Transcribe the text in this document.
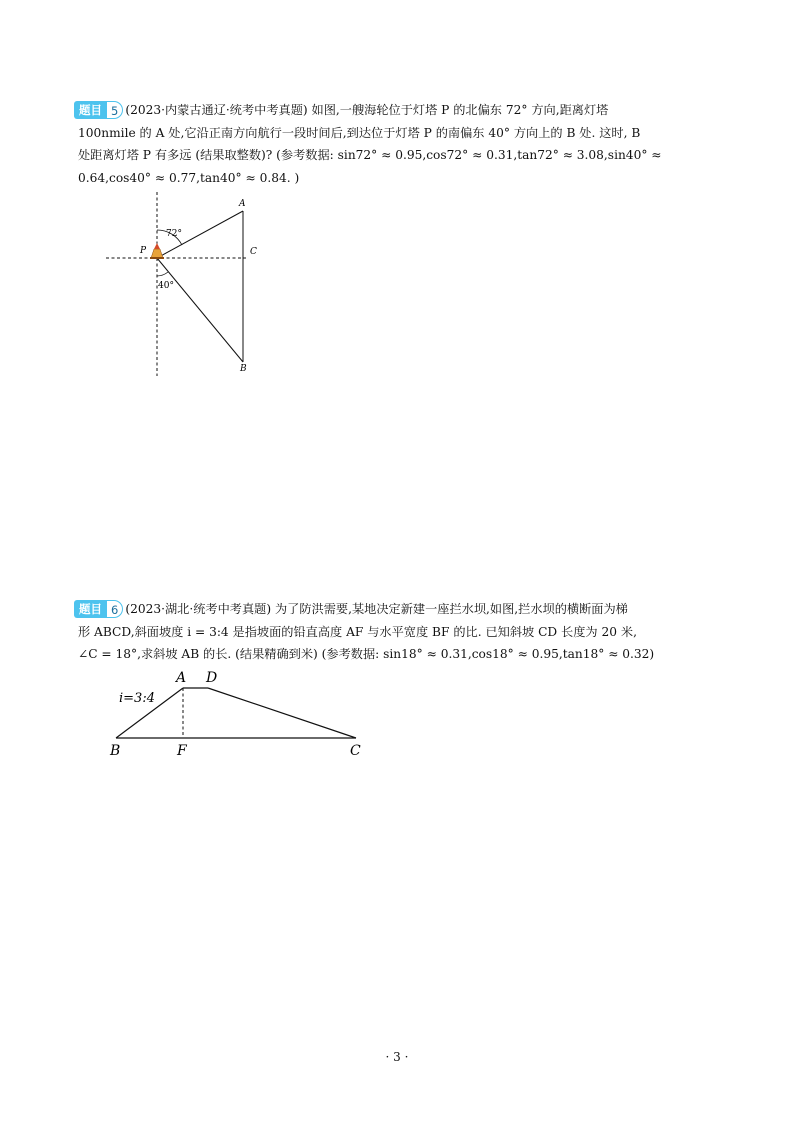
题目 5 (2023·内蒙古通辽·统考中考真题) 如图,一艘海轮位于灯塔 P 的北偏东 72° 方向,距离灯塔
100nmile 的 A 处,它沿正南方向航行一段时间后,到达位于灯塔 P 的南偏东 40° 方向上的 B 处. 这时, B
处距离灯塔 P 有多远 (结果取整数)? (参考数据: sin72° ≈ 0.95,cos72° ≈ 0.31,tan72° ≈ 3.08,sin40° ≈
0.64,cos40° ≈ 0.77,tan40° ≈ 0.84. )
72°
40°
A
C
B
P
题目 6 (2023·湖北·统考中考真题) 为了防洪需要,某地决定新建一座拦水坝,如图,拦水坝的横断面为梯
形 ABCD,斜面坡度 i = 3:4 是指坡面的铅直高度 AF 与水平宽度 BF 的比. 已知斜坡 CD 长度为 20 米,
∠C = 18°,求斜坡 AB 的长. (结果精确到米) (参考数据: sin18° ≈ 0.31,cos18° ≈ 0.95,tan18° ≈ 0.32)
A D
B	F	C
i=3:4
· 3 ·
